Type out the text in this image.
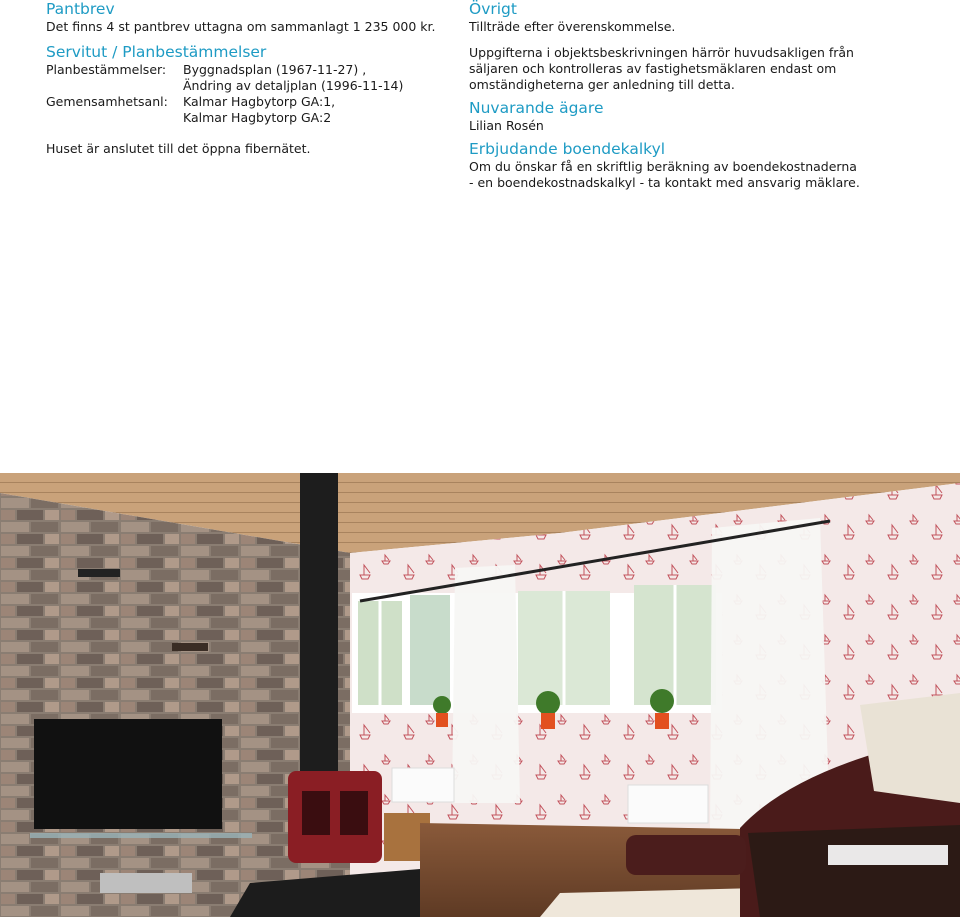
Pantbrev

Det finns 4 st pantbrev uttagna om sammanlagt 1 235 000 kr.

Servitut / Planbestämmelser
Planbestämmelser:	Byggnadsplan (1967-11-27) ,
Ändring av detaljplan (1996-11-14)
Gemensamhetsanl:	Kalmar Hagbytorp GA:1,
Kalmar Hagbytorp GA:2

Huset är anslutet till det öppna fibernätet.

Övrigt

Tillträde efter överenskommelse.

Uppgifterna i objektsbeskrivningen härrör huvudsakligen från

säljaren och kontrolleras av fastighetsmäklaren endast om

omständigheterna ger anledning till detta.

Nuvarande ägare

Lilian Rosén

Erbjudande boendekalkyl

Om du önskar få en skriftlig beräkning av boendekostnaderna

- en boendekostnadskalkyl - ta kontakt med ansvarig mäklare.
